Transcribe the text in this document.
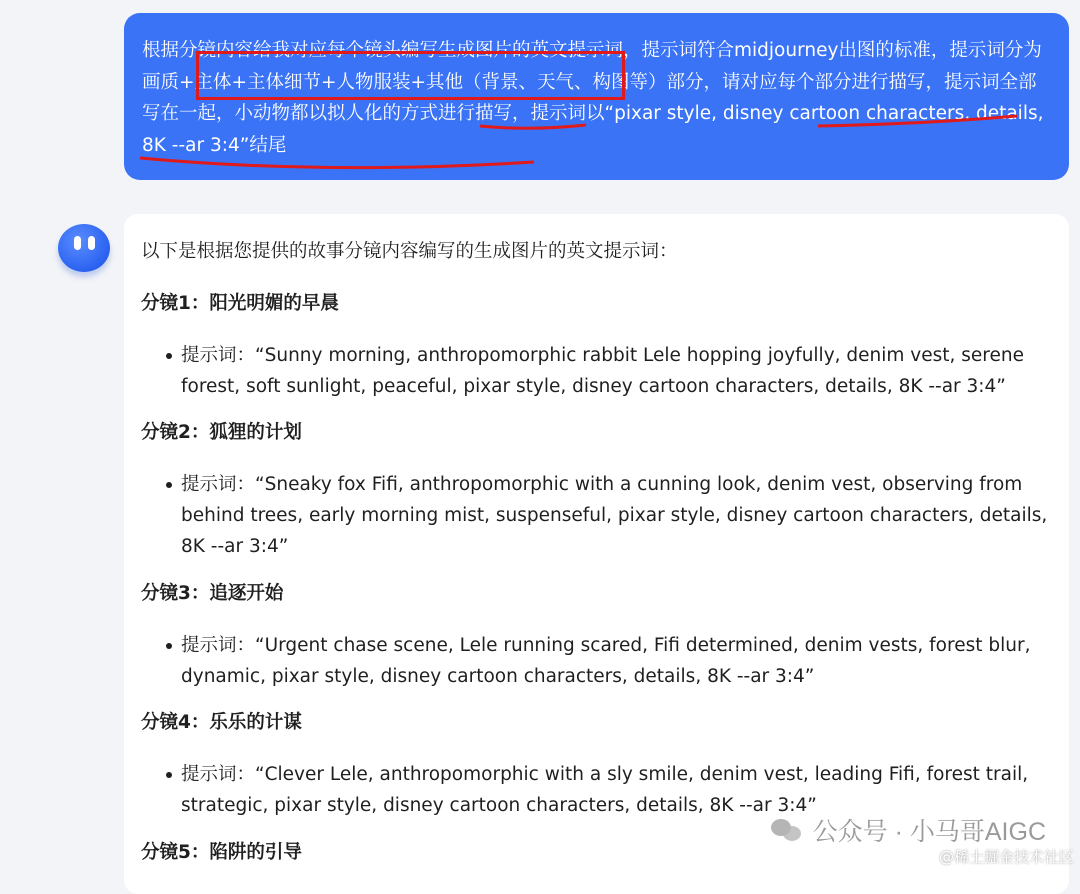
根据分镜内容给我对应每个镜头编写生成图片的英文提示词，提示词符合midjourney出图的标准，提示词分为画质+主体+主体细节+人物服装+其他（背景、天气、构图等）部分，请对应每个部分进行描写，提示词全部写在一起，小动物都以拟人化的方式进行描写，提示词以“pixar style, disney cartoon characters, details, 8K --ar 3:4”结尾

以下是根据您提供的故事分镜内容编写的生成图片的英文提示词：

分镜1：阳光明媚的早晨

提示词：“Sunny morning, anthropomorphic rabbit Lele hopping joyfully, denim vest, serene forest, soft sunlight, peaceful, pixar style, disney cartoon characters, details, 8K --ar 3:4”

分镜2：狐狸的计划

提示词：“Sneaky fox Fifi, anthropomorphic with a cunning look, denim vest, observing from behind trees, early morning mist, suspenseful, pixar style, disney cartoon characters, details, 8K --ar 3:4”

分镜3：追逐开始

提示词：“Urgent chase scene, Lele running scared, Fifi determined, denim vests, forest blur, dynamic, pixar style, disney cartoon characters, details, 8K --ar 3:4”

分镜4：乐乐的计谋

提示词：“Clever Lele, anthropomorphic with a sly smile, denim vest, leading Fifi, forest trail, strategic, pixar style, disney cartoon characters, details, 8K --ar 3:4”

分镜5：陷阱的引导

公众号 · 小马哥AIGC
@稀土掘金技术社区
